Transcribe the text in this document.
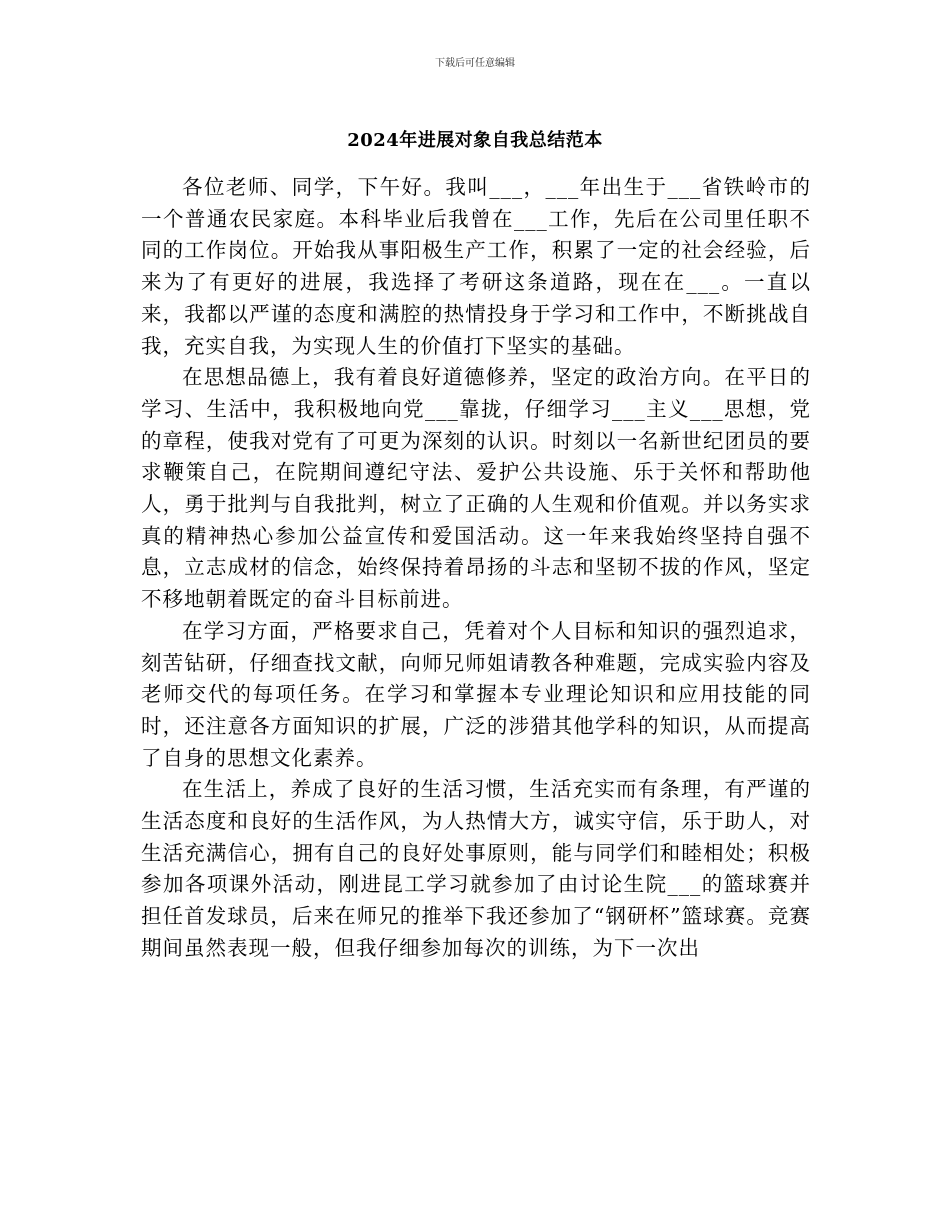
下载后可任意编辑
2024年进展对象自我总结范本

各位老师、同学，下午好。我叫___，___年出生于___省铁岭市的一个普通农民家庭。本科毕业后我曾在___工作，先后在公司里任职不同的工作岗位。开始我从事阳极生产工作，积累了一定的社会经验，后来为了有更好的进展，我选择了考研这条道路，现在在___。一直以来，我都以严谨的态度和满腔的热情投身于学习和工作中，不断挑战自我，充实自我，为实现人生的价值打下坚实的基础。

在思想品德上，我有着良好道德修养，坚定的政治方向。在平日的学习、生活中，我积极地向党___靠拢，仔细学习___主义___思想，党的章程，使我对党有了可更为深刻的认识。时刻以一名新世纪团员的要求鞭策自己，在院期间遵纪守法、爱护公共设施、乐于关怀和帮助他人，勇于批判与自我批判，树立了正确的人生观和价值观。并以务实求真的精神热心参加公益宣传和爱国活动。这一年来我始终坚持自强不息，立志成材的信念，始终保持着昂扬的斗志和坚韧不拔的作风，坚定不移地朝着既定的奋斗目标前进。

在学习方面，严格要求自己，凭着对个人目标和知识的强烈追求，刻苦钻研，仔细查找文献，向师兄师姐请教各种难题，完成实验内容及老师交代的每项任务。在学习和掌握本专业理论知识和应用技能的同时，还注意各方面知识的扩展，广泛的涉猎其他学科的知识，从而提高了自身的思想文化素养。

在生活上，养成了良好的生活习惯，生活充实而有条理，有严谨的生活态度和良好的生活作风，为人热情大方，诚实守信，乐于助人，对生活充满信心，拥有自己的良好处事原则，能与同学们和睦相处；积极参加各项课外活动，刚进昆工学习就参加了由讨论生院___的篮球赛并担任首发球员，后来在师兄的推举下我还参加了“钢研杯”篮球赛。竞赛期间虽然表现一般，但我仔细参加每次的训练，为下一次出
